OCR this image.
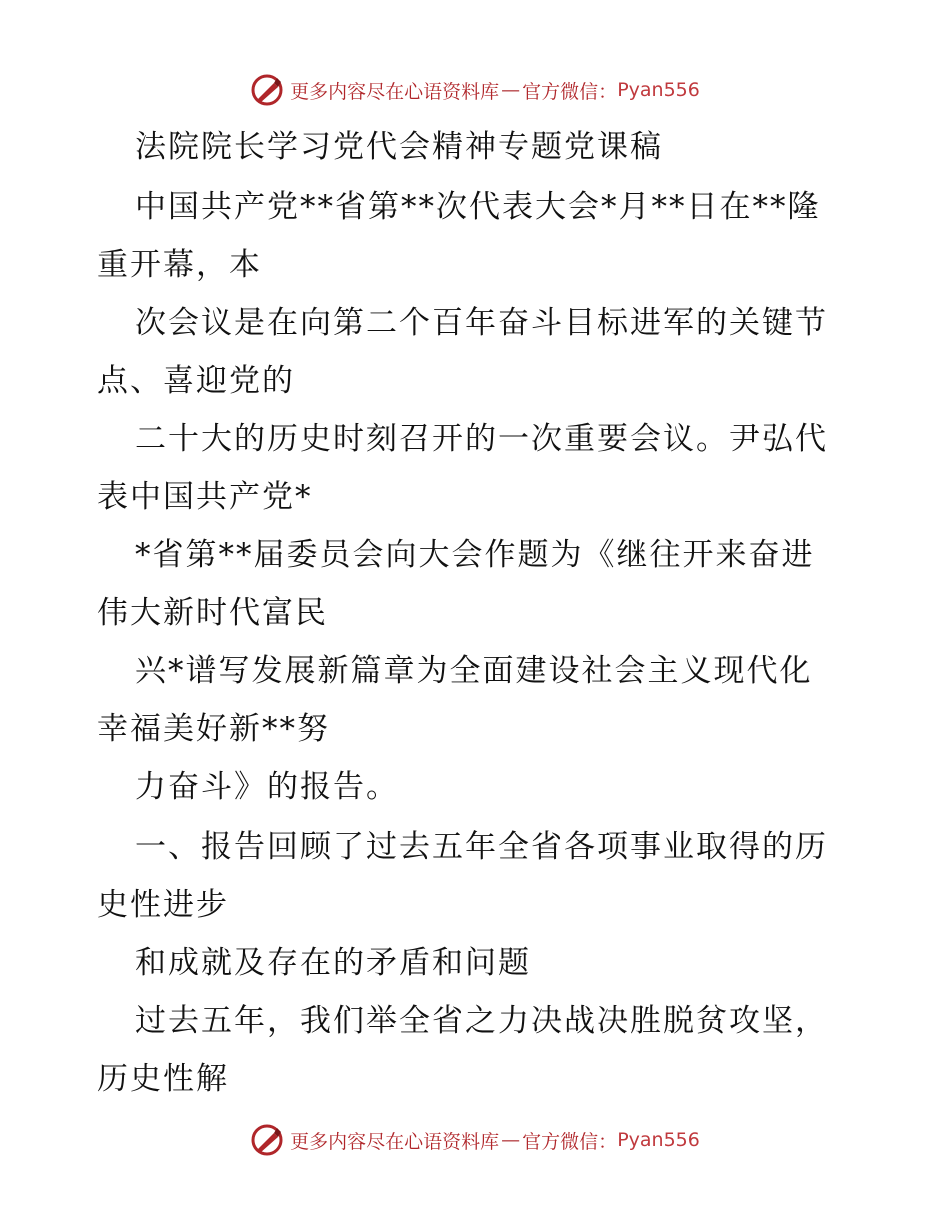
更多内容尽在心语资料库 — 官方微信： Pyan556
法院院长学习党代会精神专题党课稿
中国共产党**省第**次代表大会*月**日在**隆
重开幕，本
次会议是在向第二个百年奋斗目标进军的关键节
点、喜迎党的
二十大的历史时刻召开的一次重要会议。尹弘代
表中国共产党*
*省第**届委员会向大会作题为《继往开来奋进
伟大新时代富民
兴*谱写发展新篇章为全面建设社会主义现代化
幸福美好新**努
力奋斗》的报告。
一、报告回顾了过去五年全省各项事业取得的历
史性进步
和成就及存在的矛盾和问题
过去五年，我们举全省之力决战决胜脱贫攻坚，
历史性解
更多内容尽在心语资料库 — 官方微信： Pyan556
